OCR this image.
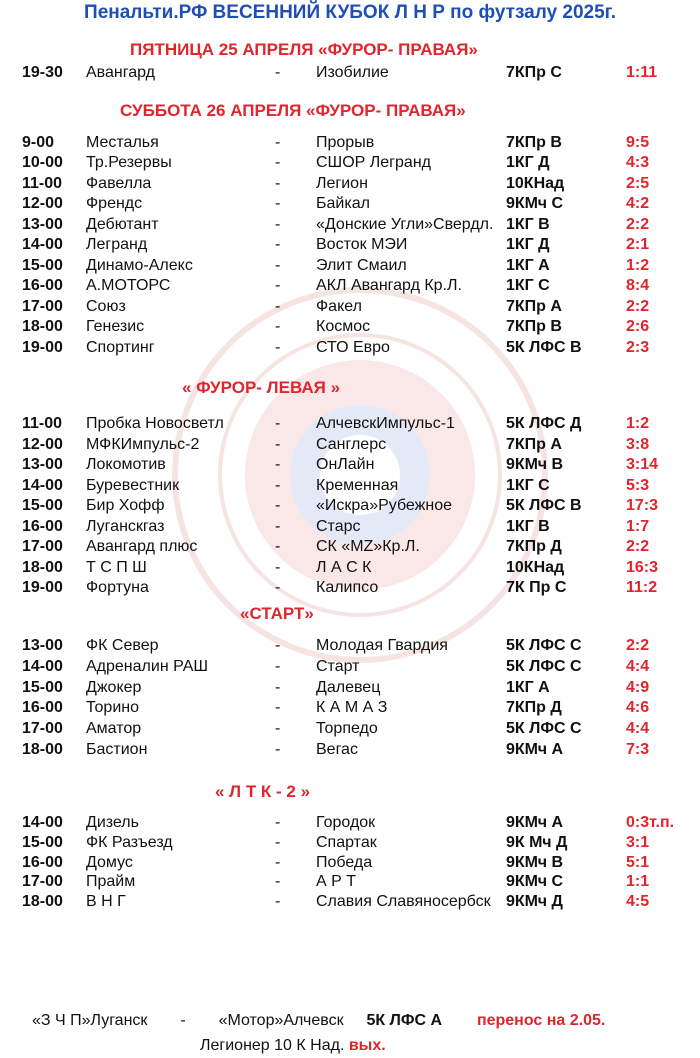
Пенальти.РФ ВЕСЕННИЙ КУБОК Л Н Р по футзалу 2025г.
ПЯТНИЦА 25 АПРЕЛЯ «ФУРОР- ПРАВАЯ»
19-30 Авангард	- Изобилие	7КПр С	1:11
СУББОТА 26 АПРЕЛЯ «ФУРОР- ПРАВАЯ»
9-00 Месталья	- Прорыв	7КПр В	9:5
10-00 Тр.Резервы	- СШОР Легранд	1КГ Д	4:3
11-00 Фавелла	- Легион	10КНад	2:5
12-00 Френдс	- Байкал	9КМч С	4:2
13-00 Дебютант	- «Донские Угли»Свердл. 1КГ В	2:2
14-00 Легранд	- Восток МЭИ	1КГ Д	2:1
15-00 Динамо-Алекс	- Элит Смаил	1КГ А	1:2
16-00 А.МОТОРС	- АКЛ Авангард Кр.Л.	1КГ С	8:4
17-00 Союз	- Факел	7КПр А	2:2
18-00 Генезис	- Космос	7КПр В	2:6
19-00 Спортинг	- СТО Евро	5К ЛФС В	2:3
« ФУРОР- ЛЕВАЯ »
11-00 Пробка Новосветл	- АлчевскИмпульс-1	5К ЛФС Д	1:2
12-00 МФКИмпульс-2	- Санглерс	7КПр А	3:8
13-00 Локомотив	- ОнЛайн	9КМч В	3:14
14-00 Буревестник	- Кременная	1КГ С	5:3
15-00 Бир Хофф	- «Искра»Рубежное	5К ЛФС В	17:3
16-00 Луганскгаз	- Старс	1КГ В	1:7
17-00 Авангард плюс	- СК «MZ»Кр.Л.	7КПр Д	2:2
18-00 Т С П Ш	- Л А С К	10КНад	16:3
19-00 Фортуна	- Калипсо	7К Пр С	11:2
«СТАРТ»
13-00 ФК Север	- Молодая Гвардия	5К ЛФС С	2:2
14-00 Адреналин РАШ	- Старт	5К ЛФС С	4:4
15-00 Джокер	- Далевец	1КГ А	4:9
16-00 Торино	- К А М А З	7КПр Д	4:6
17-00 Аматор	- Торпедо	5К ЛФС С	4:4
18-00 Бастион	- Вегас	9КМч А	7:3
« Л Т К - 2 »
14-00 Дизель	- Городок	9КМч А	0:3т.п.
15-00 ФК Разъезд	- Спартак	9К Мч Д	3:1
16-00 Домус	- Победа	9КМч В	5:1
17-00 Прайм	- А Р Т	9КМч С	1:1
18-00 В Н Г	- Славия Славяносербск 9КМч Д	4:5
«З Ч П»Луганск - «Мотор»Алчевск 5К ЛФС А перенос на 2.05.
Легионер 10 К Над. вых.
